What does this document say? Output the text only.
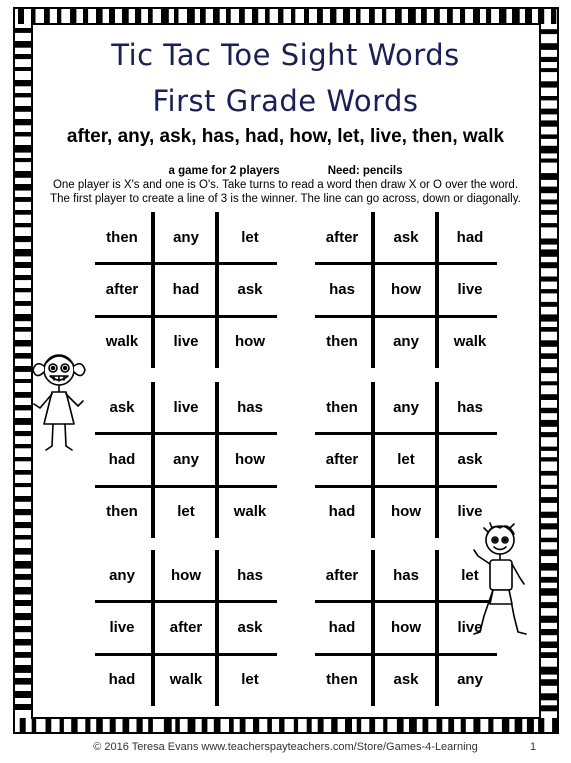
Tic Tac Toe Sight Words
First Grade Words
after, any, ask, has, had, how, let, live, then, walk
a game for 2 players	Need: pencils
One player is X's and one is O's. Take turns to read a word then draw X or O over the word.
The first player to create a line of 3 is the winner. The line can go across, down or diagonally.
then	any	let
after	had	ask
walk	live	how
after	ask	had
has	how	live
then	any	walk
ask	live	has
had	any	how
then	let	walk
then	any	has
after	let	ask
had	how	live
any	how	has
live	after	ask
had	walk	let
after	has	let
had	how	live
then	ask	any
© 2016 Teresa Evans www.teacherspayteachers.com/Store/Games-4-Learning	1
